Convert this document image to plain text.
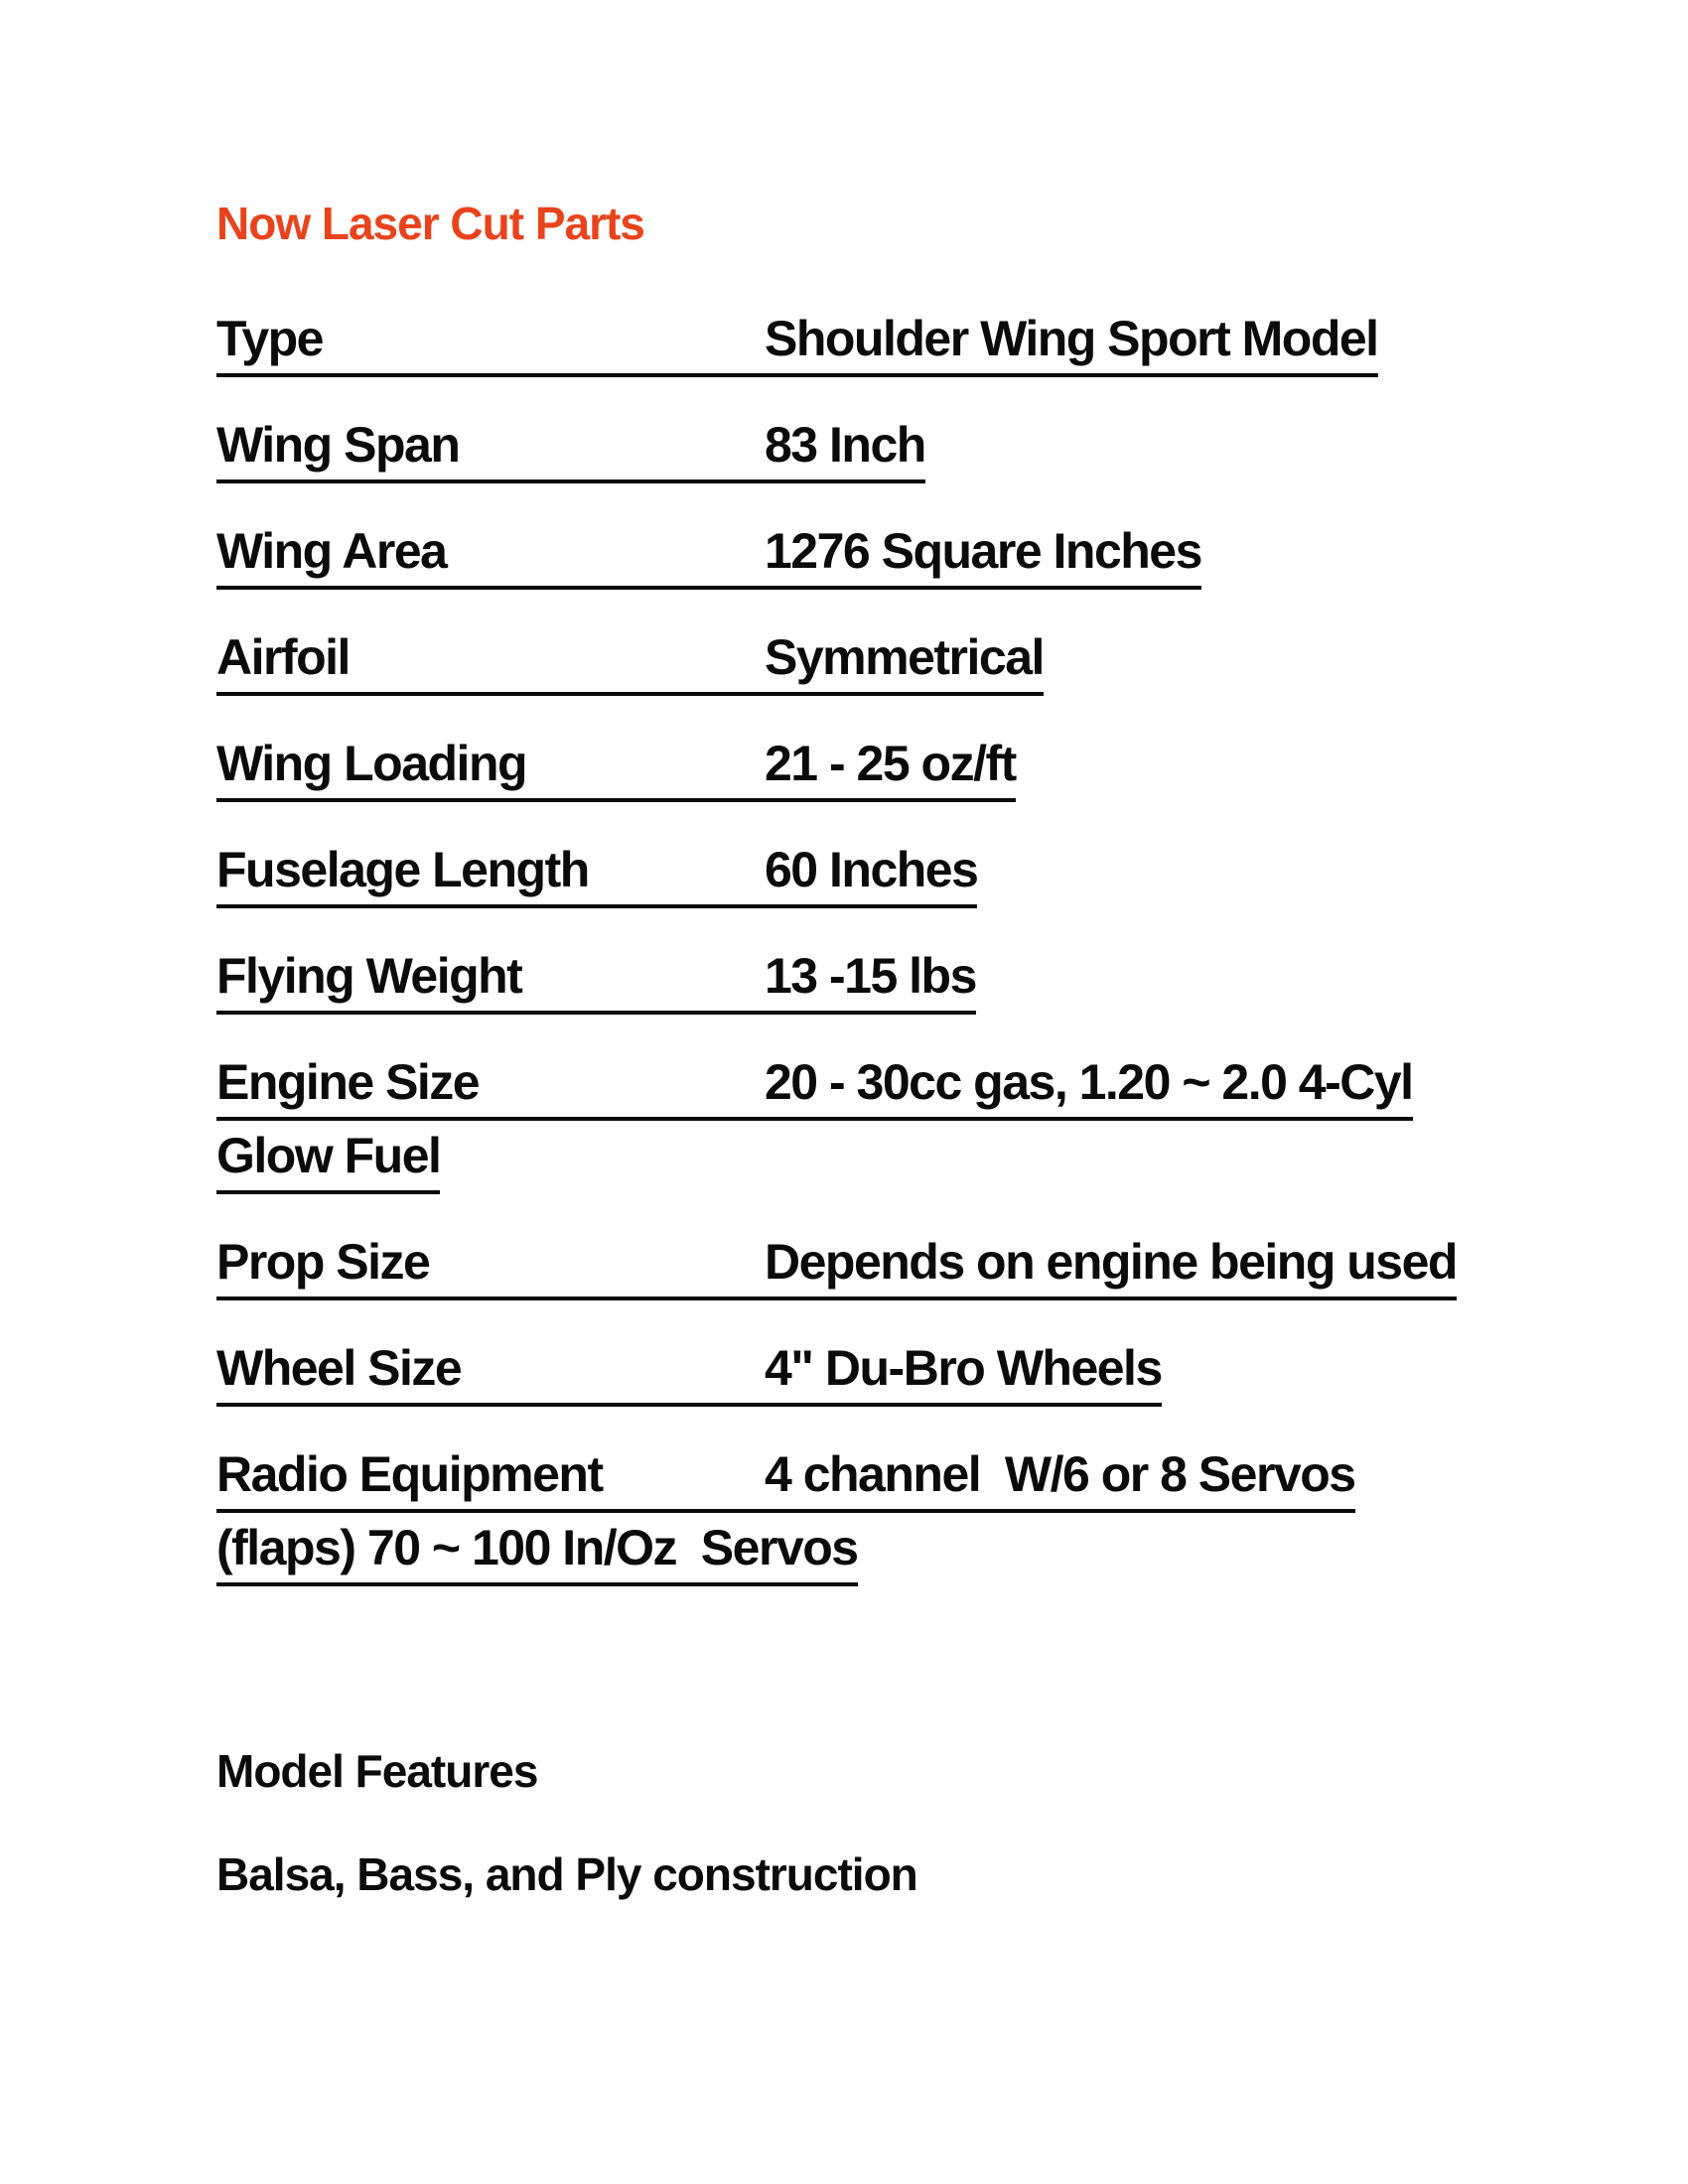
Now Laser Cut Parts
Type	Shoulder Wing Sport Model
Wing Span	83 Inch
Wing Area	1276 Square Inches
Airfoil	Symmetrical
Wing Loading	21 - 25 oz/ft
Fuselage Length	60 Inches
Flying Weight	13 -15 lbs
Engine Size	20 - 30cc gas, 1.20 ~ 2.0 4-Cyl
Glow Fuel
Prop Size	Depends on engine being used
Wheel Size	4" Du-Bro Wheels
Radio Equipment	4 channel  W/6 or 8 Servos
(flaps) 70 ~ 100 In/Oz  Servos
Model Features

Balsa, Bass, and Ply construction
